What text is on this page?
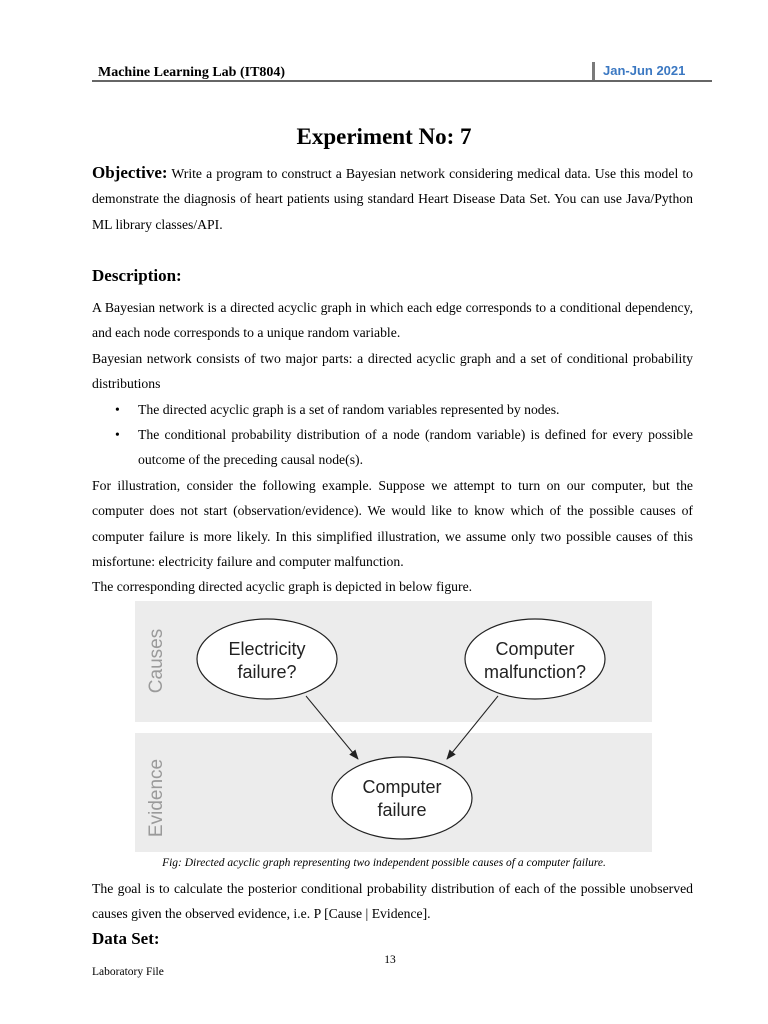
Machine Learning Lab (IT804)	Jan-Jun 2021
Experiment No: 7
Objective: Write a program to construct a Bayesian network considering medical data. Use this model to demonstrate the diagnosis of heart patients using standard Heart Disease Data Set. You can use Java/Python ML library classes/API.
Description:

A Bayesian network is a directed acyclic graph in which each edge corresponds to a conditional dependency, and each node corresponds to a unique random variable.

Bayesian network consists of two major parts: a directed acyclic graph and a set of conditional probability distributions

• The directed acyclic graph is a set of random variables represented by nodes.
• The conditional probability distribution of a node (random variable) is defined for every possible outcome of the preceding causal node(s).

For illustration, consider the following example. Suppose we attempt to turn on our computer, but the computer does not start (observation/evidence). We would like to know which of the possible causes of computer failure is more likely. In this simplified illustration, we assume only two possible causes of this misfortune: electricity failure and computer malfunction.

The corresponding directed acyclic graph is depicted in below figure.

Causes
Evidence
Electricity
failure?
Computer
malfunction?
Computer
failure
Fig: Directed acyclic graph representing two independent possible causes of a computer failure.
The goal is to calculate the posterior conditional probability distribution of each of the possible unobserved causes given the observed evidence, i.e. P [Cause | Evidence].
Data Set:
13
Laboratory File
